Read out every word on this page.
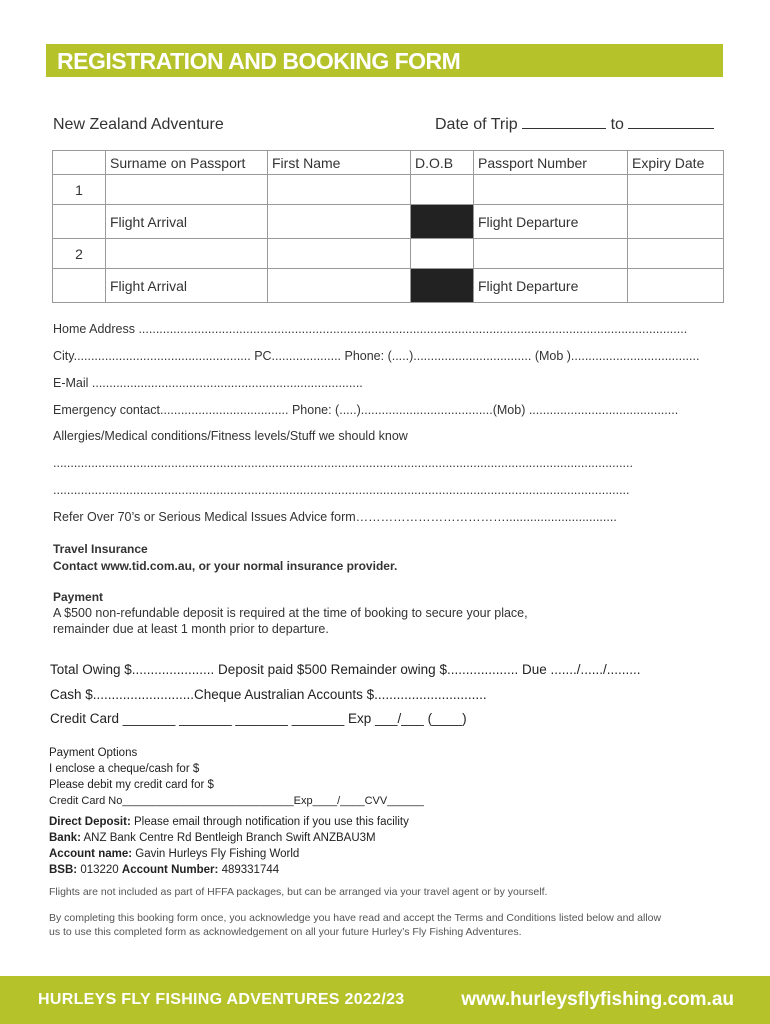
REGISTRATION AND BOOKING FORM
New Zealand Adventure	Date of Trip	to
	Surname on Passport	First Name	D.O.B	Passport Number	Expiry Date
1					
	Flight Arrival			Flight Departure	
2					
	Flight Arrival			Flight Departure	
Home Address ..............................................................................................................................................................
City................................................... PC.................... Phone: (.....).................................. (Mob ).....................................
E-Mail ..............................................................................
Emergency contact..................................... Phone: (.....)......................................(Mob) ...........................................
Allergies/Medical conditions/Fitness levels/Stuff we should know
.......................................................................................................................................................................
......................................................................................................................................................................
Refer Over 70’s or Serious Medical Issues Advice form………………………………................................
Travel Insurance
Contact www.tid.com.au, or your normal insurance provider.
Payment
A $500 non-refundable deposit is required at the time of booking to secure your place,
remainder due at least 1 month prior to departure.
Total Owing $...................... Deposit paid $500 Remainder owing $................... Due ......./....../.........
Cash $...........................Cheque Australian Accounts $..............................
Credit Card _______ _______ _______ _______ Exp ___/___ (____)
Payment Options
I enclose a cheque/cash for $
Please debit my credit card for $
Credit Card No____________________________Exp____/____CVV______
Direct Deposit: Please email through notification if you use this facility
Bank: ANZ Bank Centre Rd Bentleigh Branch Swift ANZBAU3M
Account name: Gavin Hurleys Fly Fishing World
BSB: 013220 Account Number: 489331744
Flights are not included as part of HFFA packages, but can be arranged via your travel agent or by yourself.
By completing this booking form once, you acknowledge you have read and accept the Terms and Conditions listed below and allow
us to use this completed form as acknowledgement on all your future Hurley’s Fly Fishing Adventures.
HURLEYS FLY FISHING ADVENTURES 2022/23	www.hurleysflyfishing.com.au
